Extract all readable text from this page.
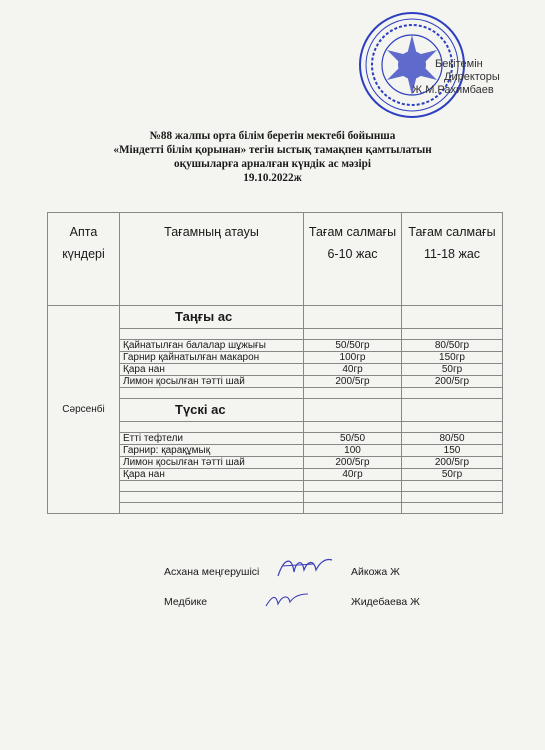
Бекітемін
Директоры
Ж.М.Рахимбаев
№88 жалпы орта білім беретін мектебі бойынша
«Міндетті білім қорынан» тегін ыстық тамақпен қамтылатын
оқушыларға арналған күндік ас мәзірі
19.10.2022ж
Апта күндері	Тағамның атауы	Тағам салмағы 6-10 жас	Тағам салмағы 11-18 жас
Сәрсенбі	Таңғы ас		

	Қайнатылған балалар шұжығы	50/50гр	80/50гр
	Гарнир қайнатылған макарон	100гр	150гр
	Қара нан	40гр	50гр
	Лимон қосылған тәтті шай	200/5гр	200/5гр

	Түскі ас		

	Етті тефтели	50/50	80/50
	Гарнир: қарақұмық	100	150
	Лимон қосылған тәтті шай	200/5гр	200/5гр
	Қара нан	40гр	50гр

Асхана меңгерушісі	Айкожа Ж
Медбике	Жидебаева Ж
